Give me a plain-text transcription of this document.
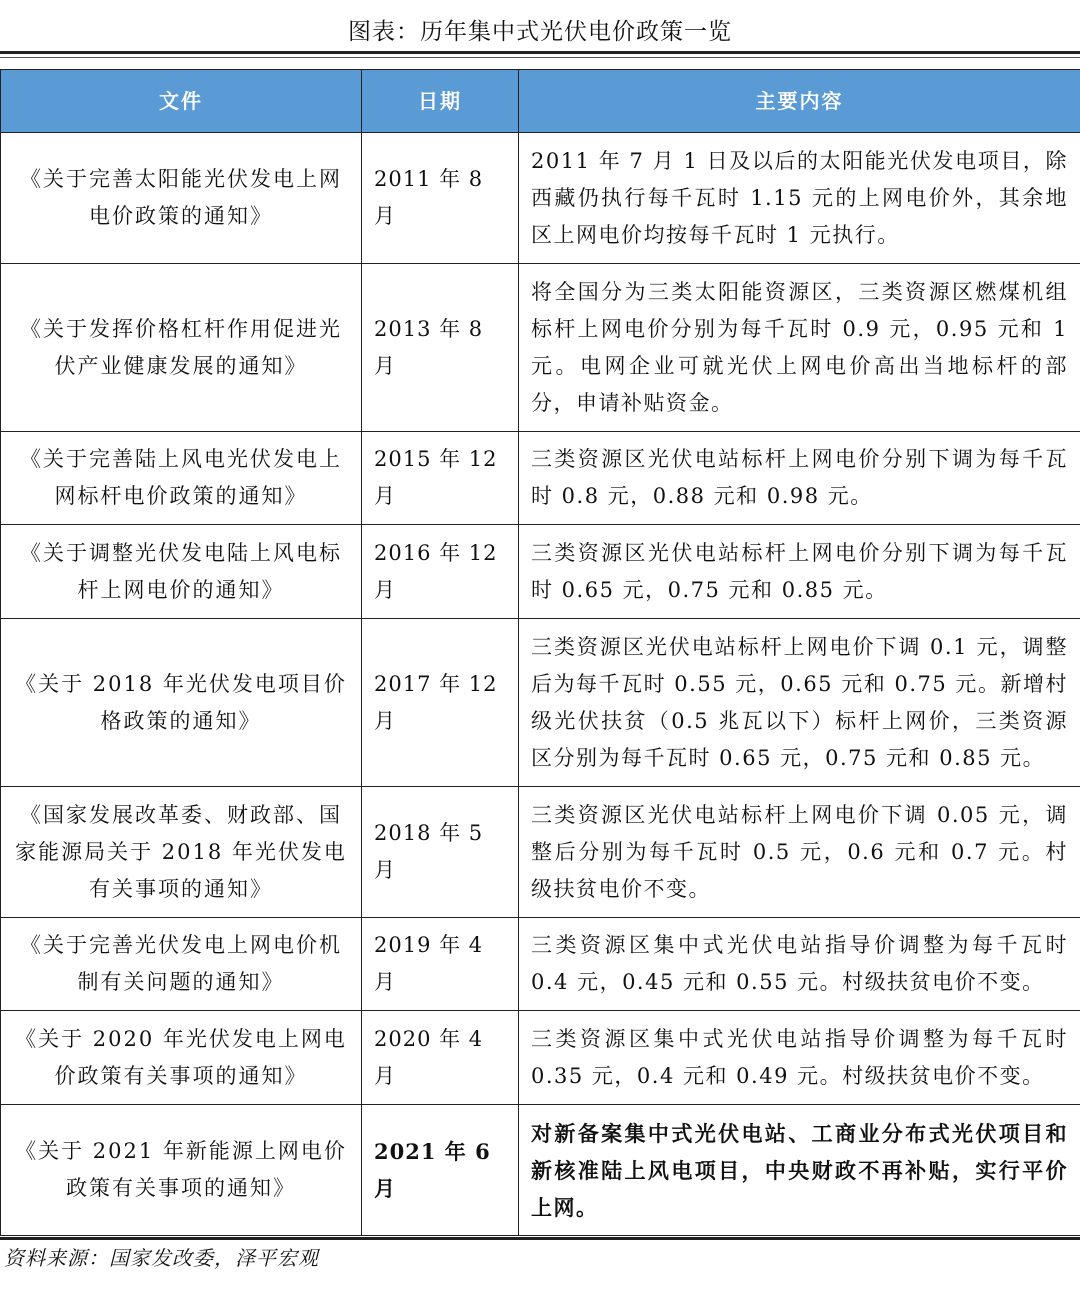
图表：历年集中式光伏电价政策一览
文件	日期	主要内容
《关于完善太阳能光伏发电上网电价政策的通知》	2011 年 8 月	2011 年 7 月 1 日及以后的太阳能光伏发电项目，除西藏仍执行每千瓦时 1.15 元的上网电价外，其余地区上网电价均按每千瓦时 1 元执行。
《关于发挥价格杠杆作用促进光伏产业健康发展的通知》	2013 年 8 月	将全国分为三类太阳能资源区，三类资源区燃煤机组标杆上网电价分别为每千瓦时 0.9 元，0.95 元和 1 元。电网企业可就光伏上网电价高出当地标杆的部分，申请补贴资金。
《关于完善陆上风电光伏发电上网标杆电价政策的通知》	2015 年 12 月	三类资源区光伏电站标杆上网电价分别下调为每千瓦时 0.8 元，0.88 元和 0.98 元。
《关于调整光伏发电陆上风电标杆上网电价的通知》	2016 年 12 月	三类资源区光伏电站标杆上网电价分别下调为每千瓦时 0.65 元，0.75 元和 0.85 元。
《关于 2018 年光伏发电项目价格政策的通知》	2017 年 12 月	三类资源区光伏电站标杆上网电价下调 0.1 元，调整后为每千瓦时 0.55 元，0.65 元和 0.75 元。新增村级光伏扶贫（0.5 兆瓦以下）标杆上网价，三类资源区分别为每千瓦时 0.65 元，0.75 元和 0.85 元。
《国家发展改革委、财政部、国家能源局关于 2018 年光伏发电有关事项的通知》	2018 年 5 月	三类资源区光伏电站标杆上网电价下调 0.05 元，调整后分别为每千瓦时 0.5 元，0.6 元和 0.7 元。村级扶贫电价不变。
《关于完善光伏发电上网电价机制有关问题的通知》	2019 年 4 月	三类资源区集中式光伏电站指导价调整为每千瓦时 0.4 元，0.45 元和 0.55 元。村级扶贫电价不变。
《关于 2020 年光伏发电上网电价政策有关事项的通知》	2020 年 4 月	三类资源区集中式光伏电站指导价调整为每千瓦时 0.35 元，0.4 元和 0.49 元。村级扶贫电价不变。
《关于 2021 年新能源上网电价政策有关事项的通知》	2021 年 6 月	对新备案集中式光伏电站、工商业分布式光伏项目和新核准陆上风电项目，中央财政不再补贴，实行平价上网。
资料来源：国家发改委，泽平宏观
